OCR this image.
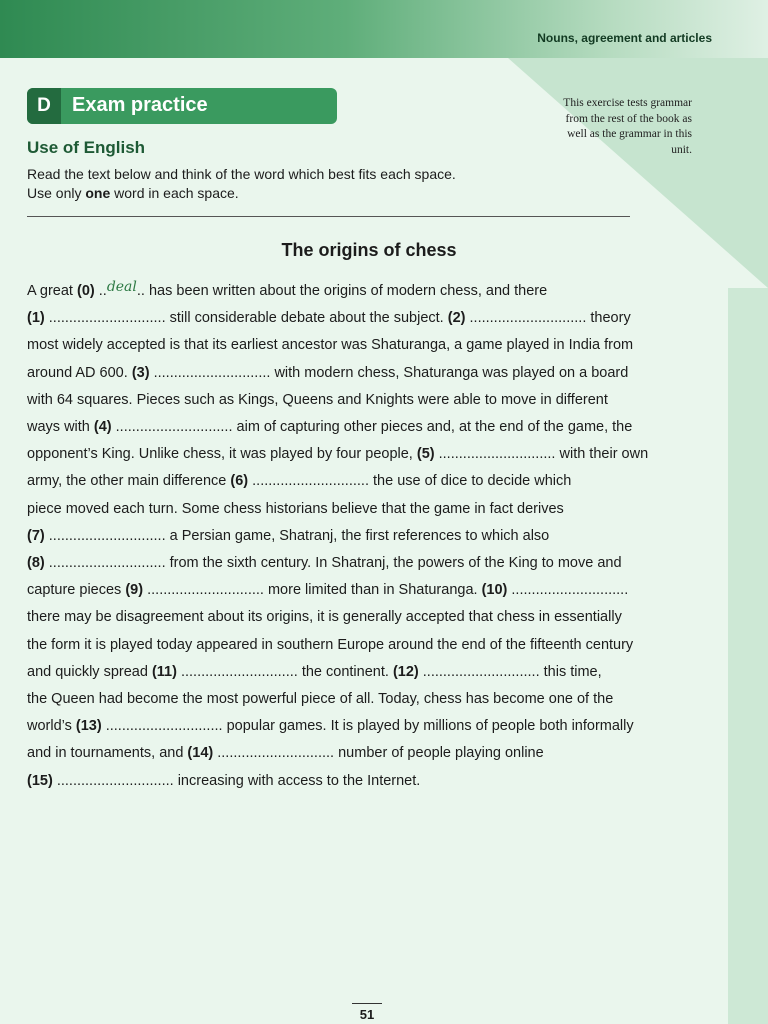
Nouns, agreement and articles
D	Exam practice	This exercise tests grammar from the rest of the book as well as the grammar in this unit.
Use of English
Read the text below and think of the word which best fits each space.
Use only one word in each space.
The origins of chess
A great (0) ..deal.. has been written about the origins of modern chess, and there
(1) ............................. still considerable debate about the subject. (2) ............................. theory
most widely accepted is that its earliest ancestor was Shaturanga, a game played in India from
around AD 600. (3) ............................. with modern chess, Shaturanga was played on a board
with 64 squares. Pieces such as Kings, Queens and Knights were able to move in different
ways with (4) ............................. aim of capturing other pieces and, at the end of the game, the
opponent’s King. Unlike chess, it was played by four people, (5) ............................. with their own
army, the other main difference (6) ............................. the use of dice to decide which
piece moved each turn. Some chess historians believe that the game in fact derives
(7) ............................. a Persian game, Shatranj, the first references to which also
(8) ............................. from the sixth century. In Shatranj, the powers of the King to move and
capture pieces (9) ............................. more limited than in Shaturanga. (10) .............................
there may be disagreement about its origins, it is generally accepted that chess in essentially
the form it is played today appeared in southern Europe around the end of the fifteenth century
and quickly spread (11) ............................. the continent. (12) ............................. this time,
the Queen had become the most powerful piece of all. Today, chess has become one of the
world’s (13) ............................. popular games. It is played by millions of people both informally
and in tournaments, and (14) ............................. number of people playing online
(15) ............................. increasing with access to the Internet.
51
